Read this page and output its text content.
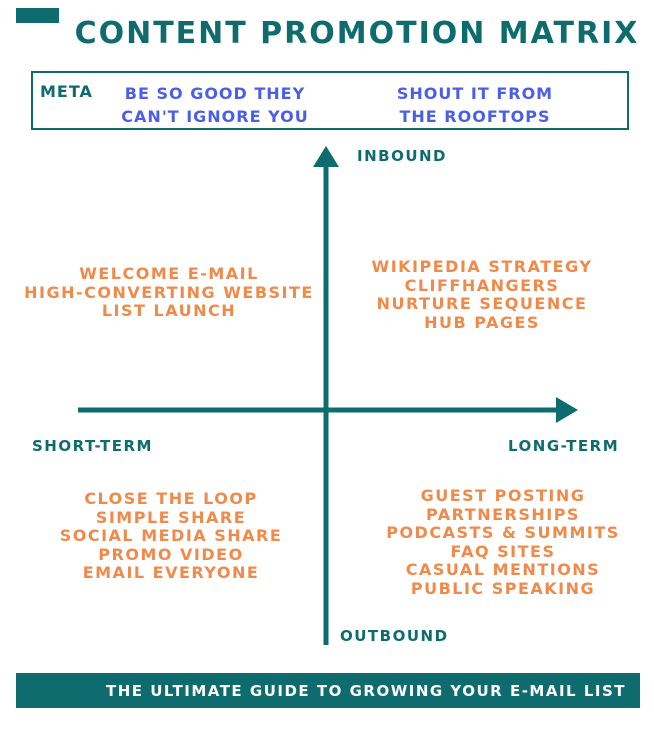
CONTENT PROMOTION MATRIX
META	BE SO GOOD THEY
CAN'T IGNORE YOU
SHOUT IT FROM
THE ROOFTOPS
INBOUND
OUTBOUND
SHORT-TERM	LONG-TERM
WELCOME E-MAIL
HIGH-CONVERTING WEBSITE
LIST LAUNCH
WIKIPEDIA STRATEGY
CLIFFHANGERS
NURTURE SEQUENCE
HUB PAGES
CLOSE THE LOOP
SIMPLE SHARE
SOCIAL MEDIA SHARE
PROMO VIDEO
EMAIL EVERYONE
GUEST POSTING
PARTNERSHIPS
PODCASTS & SUMMITS
FAQ SITES
CASUAL MENTIONS
PUBLIC SPEAKING
THE ULTIMATE GUIDE TO GROWING YOUR E-MAIL LIST
